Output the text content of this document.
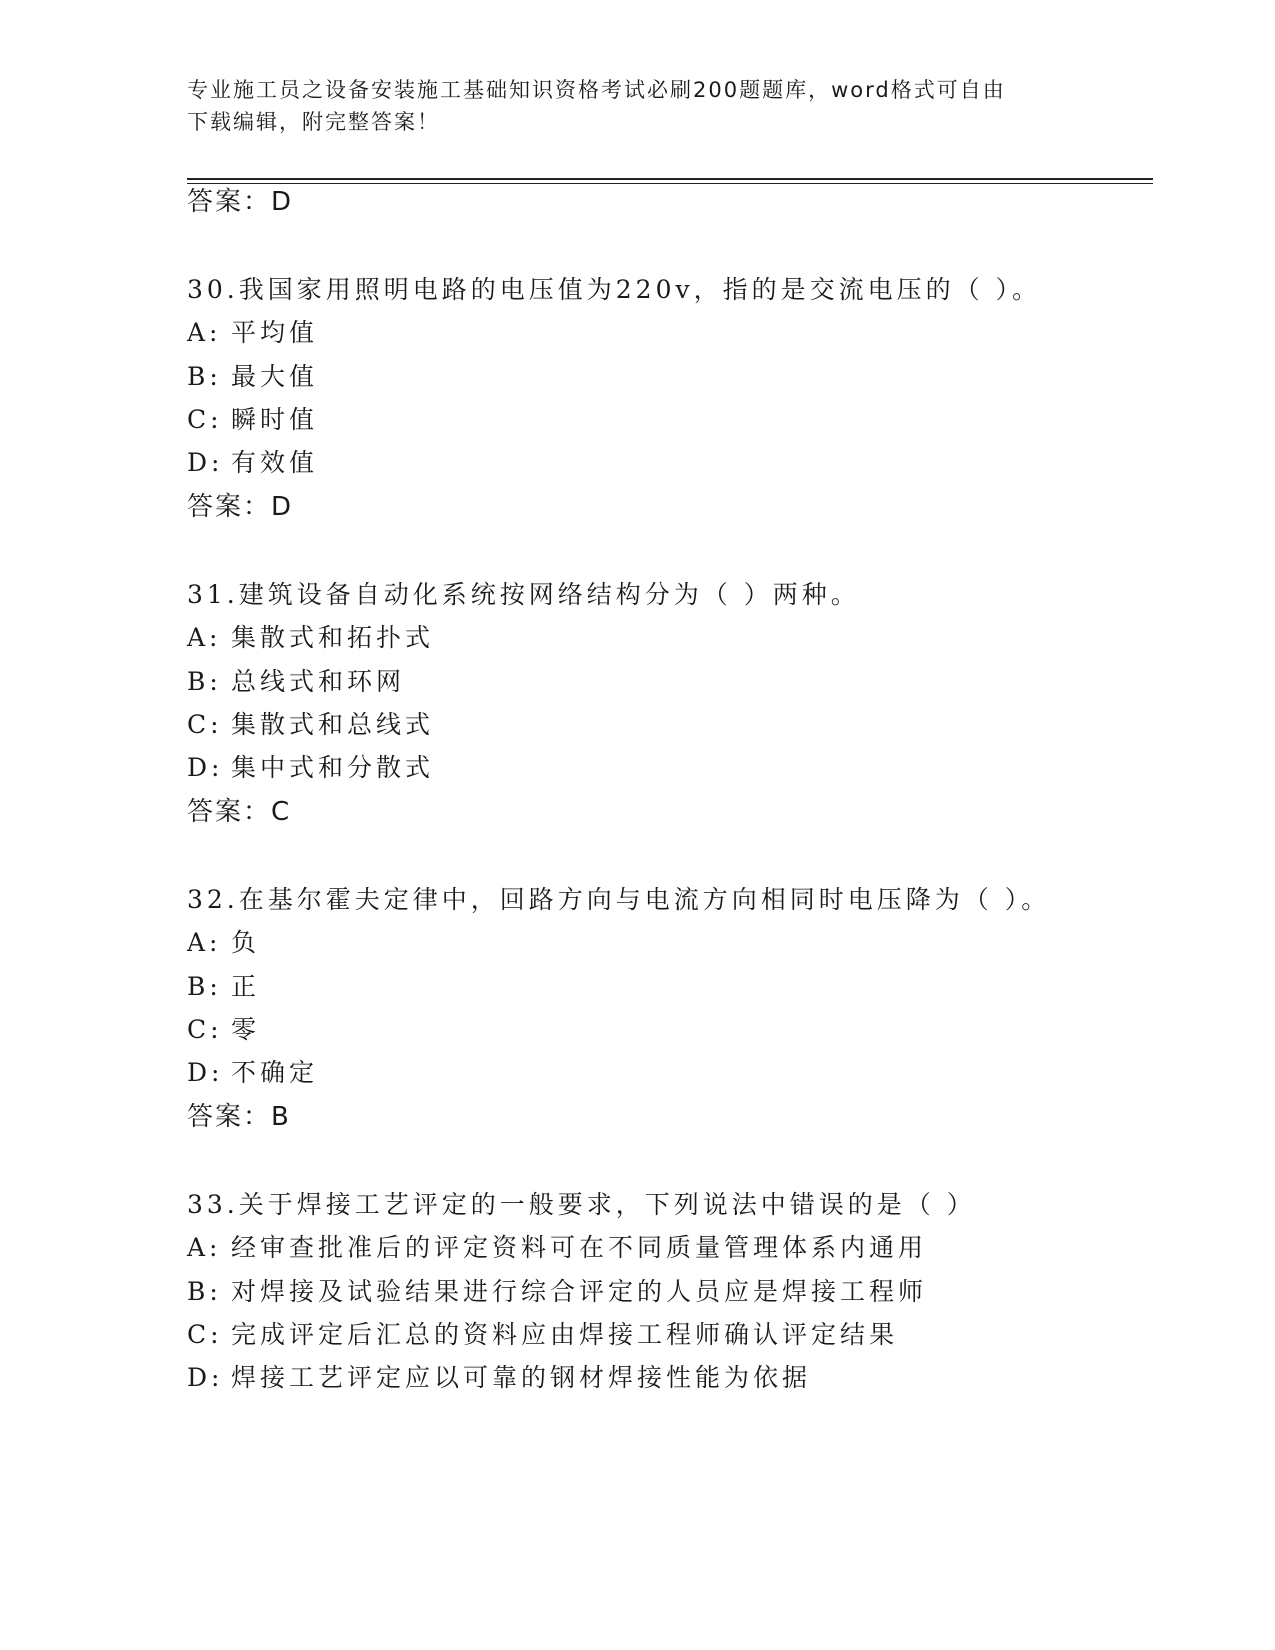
专业施工员之设备安装施工基础知识资格考试必刷200题题库，word格式可自由
下载编辑，附完整答案！
答案：D
30.我国家用照明电路的电压值为220v，指的是交流电压的（ ）。
A: 平均值
B: 最大值
C: 瞬时值
D: 有效值
答案：D
31.建筑设备自动化系统按网络结构分为（ ）两种。
A: 集散式和拓扑式
B: 总线式和环网
C: 集散式和总线式
D: 集中式和分散式
答案：C
32.在基尔霍夫定律中，回路方向与电流方向相同时电压降为（ ）。
A: 负
B: 正
C: 零
D: 不确定
答案：B
33.关于焊接工艺评定的一般要求，下列说法中错误的是（ ）
A: 经审查批准后的评定资料可在不同质量管理体系内通用
B: 对焊接及试验结果进行综合评定的人员应是焊接工程师
C: 完成评定后汇总的资料应由焊接工程师确认评定结果
D: 焊接工艺评定应以可靠的钢材焊接性能为依据
